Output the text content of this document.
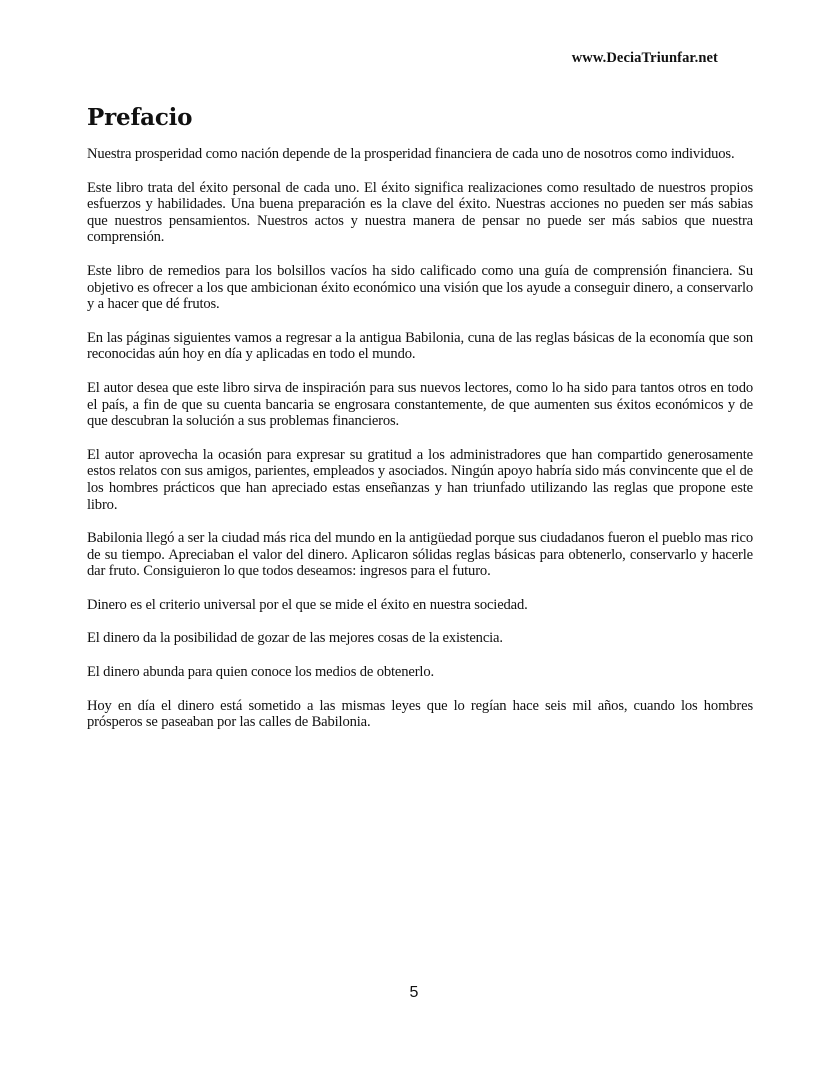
www.DeciaTriunfar.net
Prefacio

Nuestra prosperidad como nación depende de la prosperidad financiera de cada uno de nosotros como individuos.

Este libro trata del éxito personal de cada uno. El éxito significa realizaciones como resultado de nuestros propios esfuerzos y habilidades. Una buena preparación es la clave del éxito. Nuestras acciones no pueden ser más sabias que nuestros pensamientos. Nuestros actos y nuestra manera de pensar no puede ser más sabios que nuestra comprensión.

Este libro de remedios para los bolsillos vacíos ha sido calificado como una guía de comprensión financiera. Su objetivo es ofrecer a los que ambicionan éxito económico una visión que los ayude a conseguir dinero, a conservarlo y a hacer que dé frutos.

En las páginas siguientes vamos a regresar a la antigua Babilonia, cuna de las reglas básicas de la economía que son reconocidas aún hoy en día y aplicadas en todo el mundo.

El autor desea que este libro sirva de inspiración para sus nuevos lectores, como lo ha sido para tantos otros en todo el país, a fin de que su cuenta bancaria se engrosara constantemente, de que aumenten sus éxitos económicos y de que descubran la solución a sus problemas financieros.

El autor aprovecha la ocasión para expresar su gratitud a los administradores que han compartido generosamente estos relatos con sus amigos, parientes, empleados y asociados. Ningún apoyo habría sido más convincente que el de los hombres prácticos que han apreciado estas enseñanzas y han triunfado utilizando las reglas que propone este libro.

Babilonia llegó a ser la ciudad más rica del mundo en la antigüedad porque sus ciudadanos fueron el pueblo mas rico de su tiempo. Apreciaban el valor del dinero. Aplicaron sólidas reglas básicas para obtenerlo, conservarlo y hacerle dar fruto. Consiguieron lo que todos deseamos: ingresos para el futuro.

Dinero es el criterio universal por el que se mide el éxito en nuestra sociedad.

El dinero da la posibilidad de gozar de las mejores cosas de la existencia.

El dinero abunda para quien conoce los medios de obtenerlo.

Hoy en día el dinero está sometido a las mismas leyes que lo regían hace seis mil años, cuando los hombres prósperos se paseaban por las calles de Babilonia.

5
